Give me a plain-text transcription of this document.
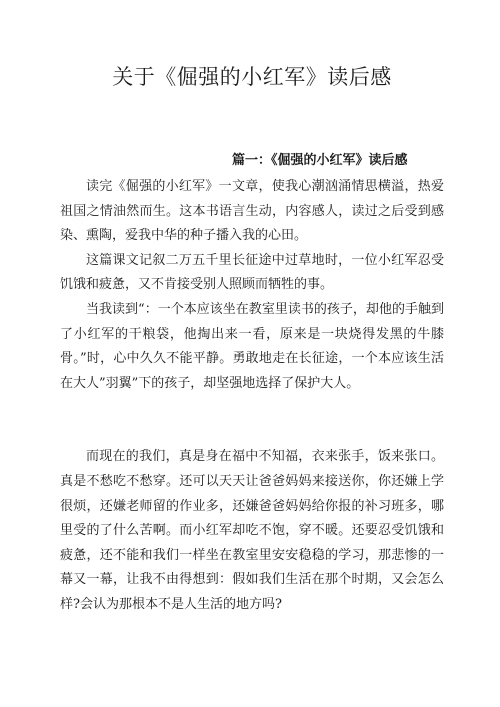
关于《倔强的小红军》读后感
篇一：《倔强的小红军》读后感

读完《倔强的小红军》一文章，使我心潮汹涌情思横溢，热爱祖国之情油然而生。这本书语言生动，内容感人，读过之后受到感染、熏陶，爱我中华的种子播入我的心田。

这篇课文记叙二万五千里长征途中过草地时，一位小红军忍受饥饿和疲惫，又不肯接受别人照顾而牺牲的事。

当我读到“：一个本应该坐在教室里读书的孩子，却他的手触到了小红军的干粮袋，他掏出来一看，原来是一块烧得发黑的牛膝骨。”时，心中久久不能平静。勇敢地走在长征途，一个本应该生活在大人”羽翼”下的孩子，却坚强地选择了保护大人。

而现在的我们，真是身在福中不知福，衣来张手，饭来张口。真是不愁吃不愁穿。还可以天天让爸爸妈妈来接送你，你还嫌上学很烦，还嫌老师留的作业多，还嫌爸爸妈妈给你报的补习班多，哪里受的了什么苦啊。而小红军却吃不饱，穿不暖。还要忍受饥饿和疲惫，还不能和我们一样坐在教室里安安稳稳的学习，那悲惨的一幕又一幕，让我不由得想到：假如我们生活在那个时期，又会怎么样?会认为那根本不是人生活的地方吗?
